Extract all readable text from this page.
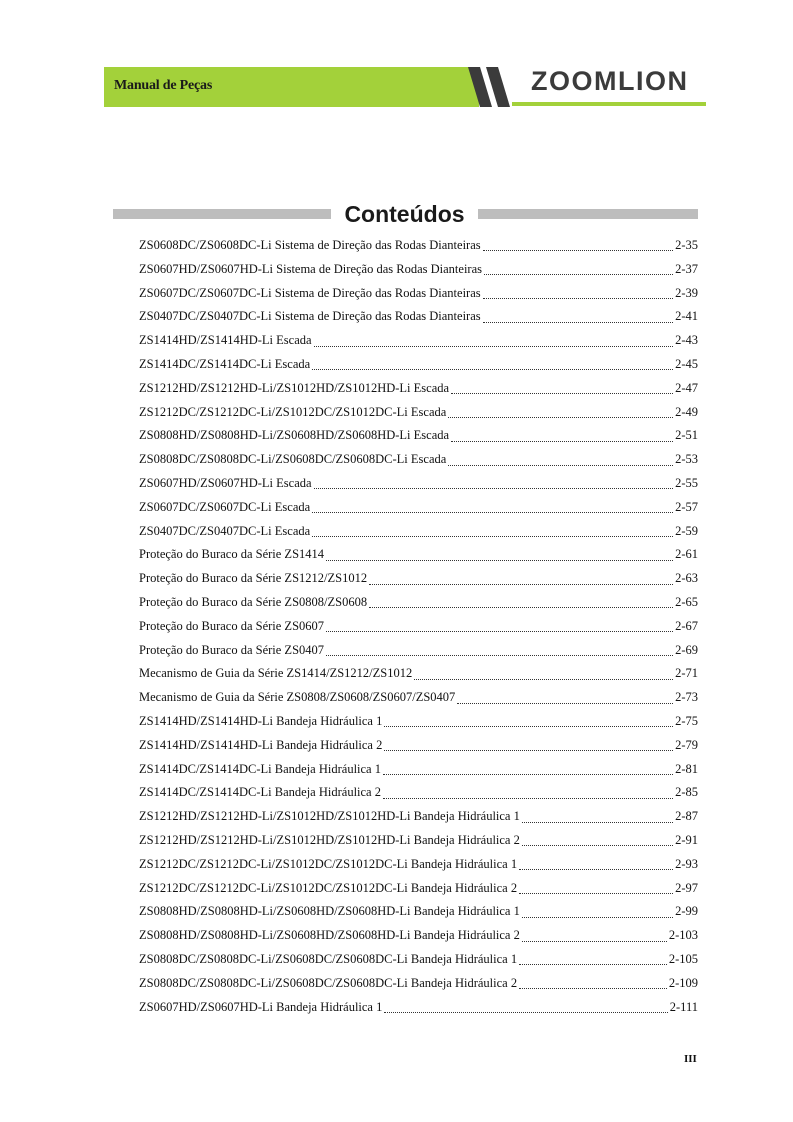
Manual de Peças	ZOOMLION
Conteúdos
ZS0608DC/ZS0608DC-Li Sistema de Direção das Rodas Dianteiras	2-35
ZS0607HD/ZS0607HD-Li Sistema de Direção das Rodas Dianteiras	2-37
ZS0607DC/ZS0607DC-Li Sistema de Direção das Rodas Dianteiras	2-39
ZS0407DC/ZS0407DC-Li Sistema de Direção das Rodas Dianteiras	2-41
ZS1414HD/ZS1414HD-Li Escada	2-43
ZS1414DC/ZS1414DC-Li Escada	2-45
ZS1212HD/ZS1212HD-Li/ZS1012HD/ZS1012HD-Li Escada	2-47
ZS1212DC/ZS1212DC-Li/ZS1012DC/ZS1012DC-Li Escada	2-49
ZS0808HD/ZS0808HD-Li/ZS0608HD/ZS0608HD-Li Escada	2-51
ZS0808DC/ZS0808DC-Li/ZS0608DC/ZS0608DC-Li Escada	2-53
ZS0607HD/ZS0607HD-Li Escada	2-55
ZS0607DC/ZS0607DC-Li Escada	2-57
ZS0407DC/ZS0407DC-Li Escada	2-59
Proteção do Buraco da Série ZS1414	2-61
Proteção do Buraco da Série ZS1212/ZS1012	2-63
Proteção do Buraco da Série ZS0808/ZS0608	2-65
Proteção do Buraco da Série ZS0607	2-67
Proteção do Buraco da Série ZS0407	2-69
Mecanismo de Guia da Série ZS1414/ZS1212/ZS1012	2-71
Mecanismo de Guia da Série ZS0808/ZS0608/ZS0607/ZS0407	2-73
ZS1414HD/ZS1414HD-Li Bandeja Hidráulica 1	2-75
ZS1414HD/ZS1414HD-Li Bandeja Hidráulica 2	2-79
ZS1414DC/ZS1414DC-Li Bandeja Hidráulica 1	2-81
ZS1414DC/ZS1414DC-Li Bandeja Hidráulica 2	2-85
ZS1212HD/ZS1212HD-Li/ZS1012HD/ZS1012HD-Li Bandeja Hidráulica 1	2-87
ZS1212HD/ZS1212HD-Li/ZS1012HD/ZS1012HD-Li Bandeja Hidráulica 2	2-91
ZS1212DC/ZS1212DC-Li/ZS1012DC/ZS1012DC-Li Bandeja Hidráulica 1	2-93
ZS1212DC/ZS1212DC-Li/ZS1012DC/ZS1012DC-Li Bandeja Hidráulica 2	2-97
ZS0808HD/ZS0808HD-Li/ZS0608HD/ZS0608HD-Li Bandeja Hidráulica 1	2-99
ZS0808HD/ZS0808HD-Li/ZS0608HD/ZS0608HD-Li Bandeja Hidráulica 2	2-103
ZS0808DC/ZS0808DC-Li/ZS0608DC/ZS0608DC-Li Bandeja Hidráulica 1	2-105
ZS0808DC/ZS0808DC-Li/ZS0608DC/ZS0608DC-Li Bandeja Hidráulica 2	2-109
ZS0607HD/ZS0607HD-Li Bandeja Hidráulica 1	2-111
III
